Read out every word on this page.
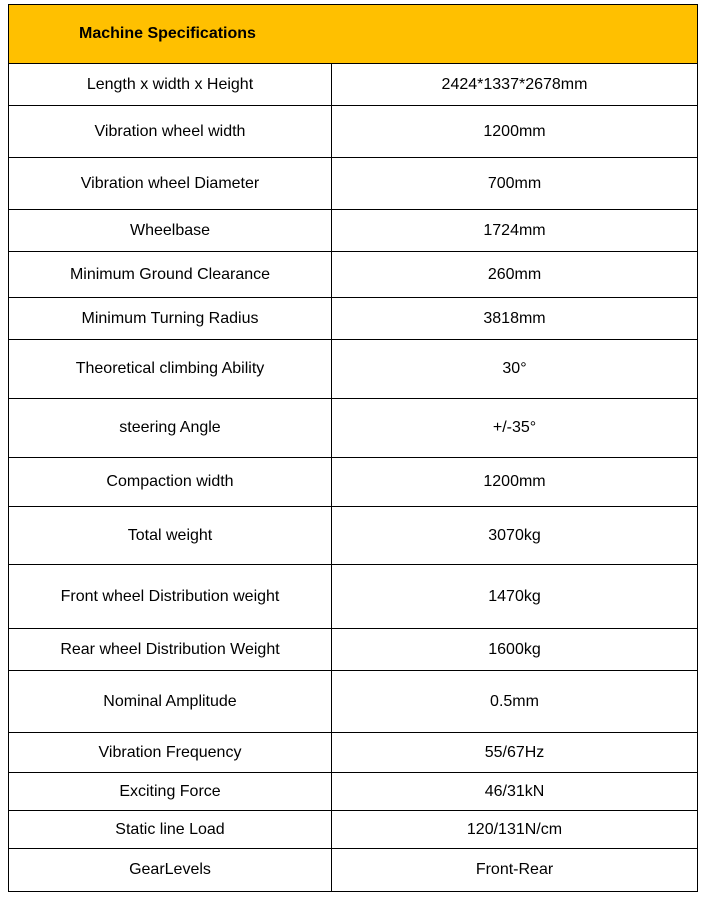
Machine Specifications	
Length x width x Height	2424*1337*2678mm
Vibration wheel width	1200mm
Vibration wheel Diameter	700mm
Wheelbase	1724mm
Minimum Ground Clearance	260mm
Minimum Turning Radius	3818mm
Theoretical climbing Ability	30°
steering Angle	+/-35°
Compaction width	1200mm
Total weight	3070kg
Front wheel Distribution weight	1470kg
Rear wheel Distribution Weight	1600kg
Nominal Amplitude	0.5mm
Vibration Frequency	55/67Hz
Exciting Force	46/31kN
Static line Load	120/131N/cm
GearLevels	Front-Rear
